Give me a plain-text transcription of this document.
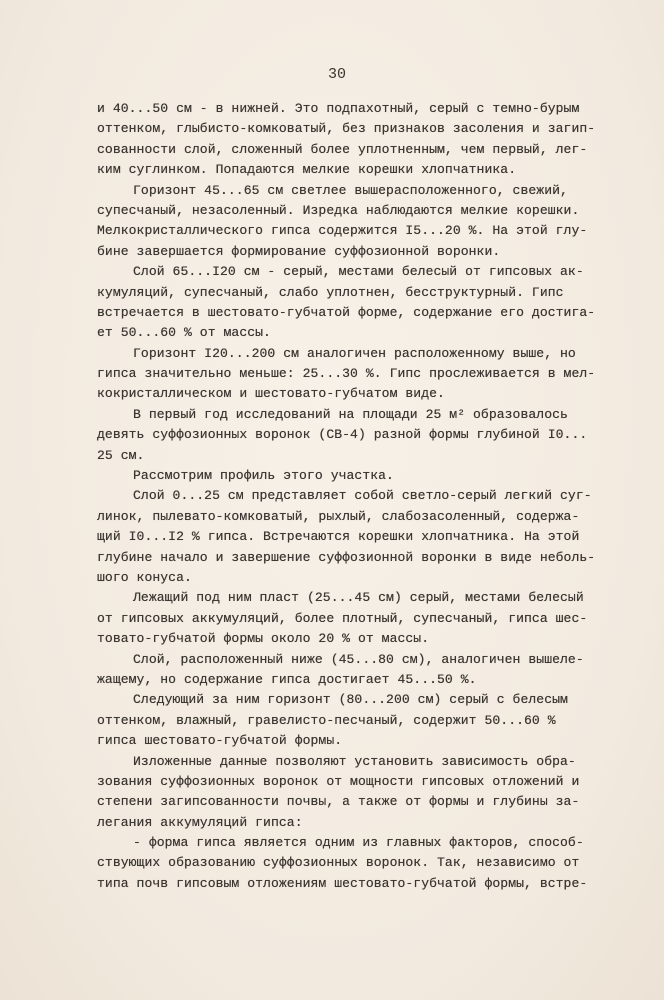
30
и 40...50 см - в нижней. Это подпахотный, серый с темно-бурым
оттенком, глыбисто-комковатый, без признаков засоления и загип-
сованности слой, сложенный более уплотненным, чем первый, лег-
ким суглинком. Попадаются мелкие корешки хлопчатника.
Горизонт 45...65 см светлее вышерасположенного, свежий,
супесчаный, незасоленный. Изредка наблюдаются мелкие корешки.
Мелкокристаллического гипса содержится I5...20 %. На этой глу-
бине завершается формирование суффозионной воронки.
Слой 65...I20 см - серый, местами белесый от гипсовых ак-
кумуляций, супесчаный, слабо уплотнен, бесструктурный. Гипс
встречается в шестовато-губчатой форме, содержание его достига-
ет 50...60 % от массы.
Горизонт I20...200 см аналогичен расположенному выше, но
гипса значительно меньше: 25...30 %. Гипс прослеживается в мел-
кокристаллическом и шестовато-губчатом виде.
В первый год исследований на площади 25 м² образовалось
девять суффозионных воронок (СВ-4) разной формы глубиной I0...
25 см.
Рассмотрим профиль этого участка.
Слой 0...25 см представляет собой светло-серый легкий суг-
линок, пылевато-комковатый, рыхлый, слабозасоленный, содержа-
щий I0...I2 % гипса. Встречаются корешки хлопчатника. На этой
глубине начало и завершение суффозионной воронки в виде неболь-
шого конуса.
Лежащий под ним пласт (25...45 см) серый, местами белесый
от гипсовых аккумуляций, более плотный, супесчаный, гипса шес-
товато-губчатой формы около 20 % от массы.
Слой, расположенный ниже (45...80 см), аналогичен вышеле-
жащему, но содержание гипса достигает 45...50 %.
Следующий за ним горизонт (80...200 см) серый с белесым
оттенком, влажный, гравелисто-песчаный, содержит 50...60 %
гипса шестовато-губчатой формы.
Изложенные данные позволяют установить зависимость обра-
зования суффозионных воронок от мощности гипсовых отложений и
степени загипсованности почвы, а также от формы и глубины за-
легания аккумуляций гипса:
- форма гипса является одним из главных факторов, способ-
ствующих образованию суффозионных воронок. Так, независимо от
типа почв гипсовым отложениям шестовато-губчатой формы, встре-
